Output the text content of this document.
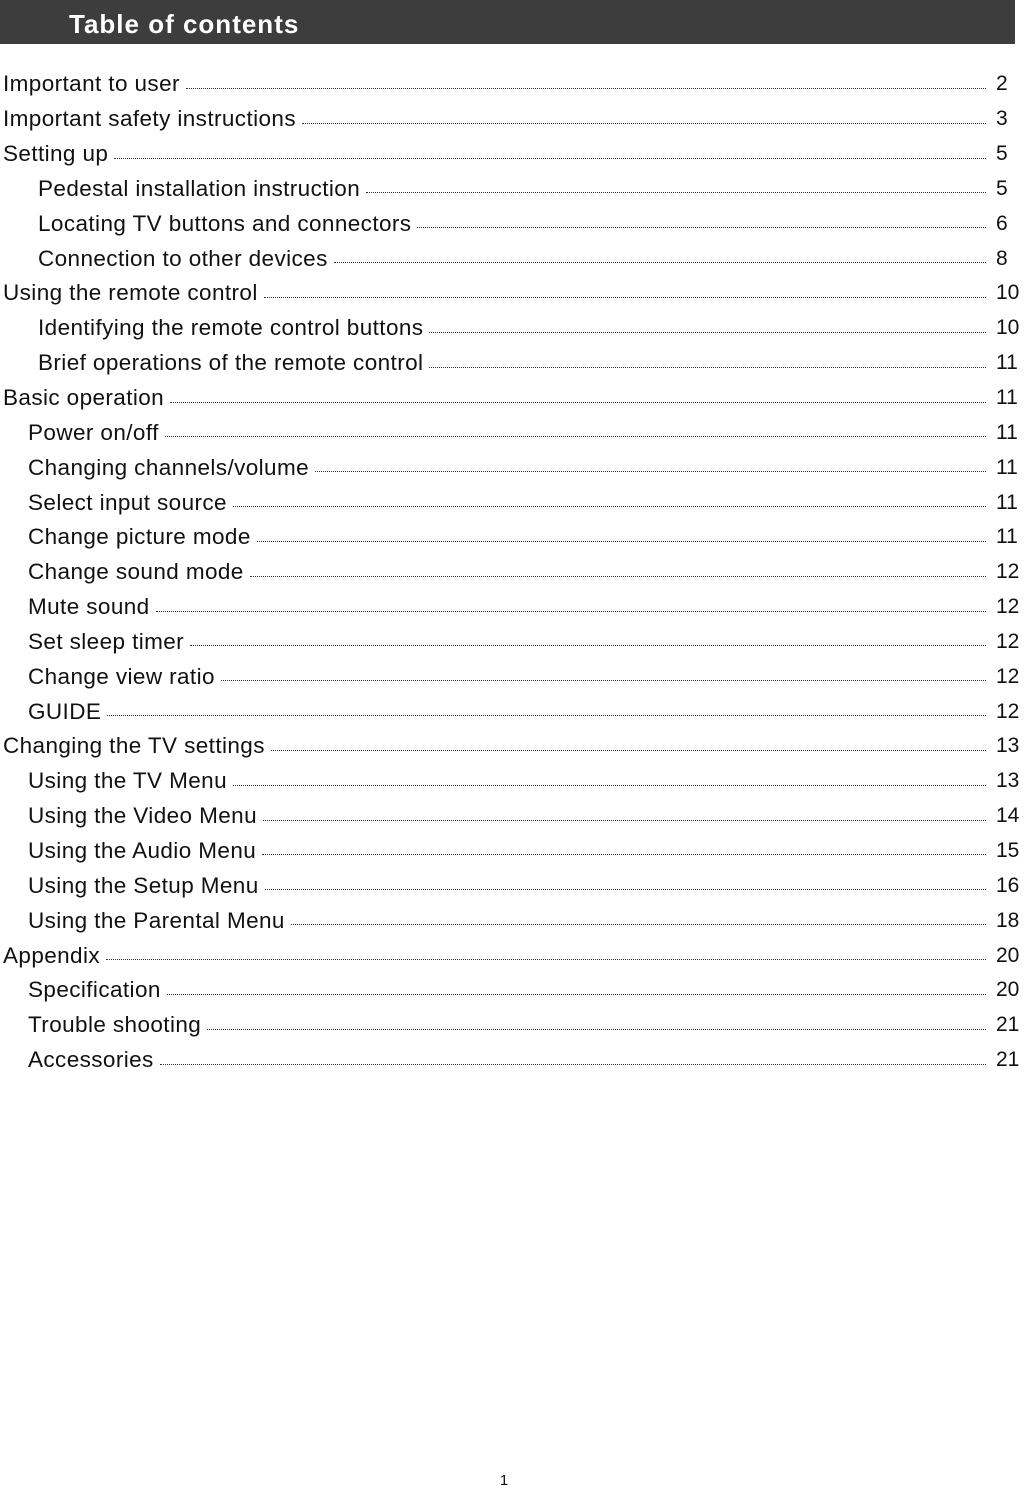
Table of contents
Important to user	2
Important safety instructions	3
Setting up	5
Pedestal installation instruction	5
Locating TV buttons and connectors	6
Connection to other devices	8
Using the remote control	10
Identifying the remote control buttons	10
Brief operations of the remote control	11
Basic operation	11
Power on/off	11
Changing channels/volume	11
Select input source	11
Change picture mode	11
Change sound mode	12
Mute sound	12
Set sleep timer	12
Change view ratio	12
GUIDE	12
Changing the TV settings	13
Using the TV Menu	13
Using the Video Menu	14
Using the Audio Menu	15
Using the Setup Menu	16
Using the Parental Menu	18
Appendix	20
Specification	20
Trouble shooting	21
Accessories	21
1
